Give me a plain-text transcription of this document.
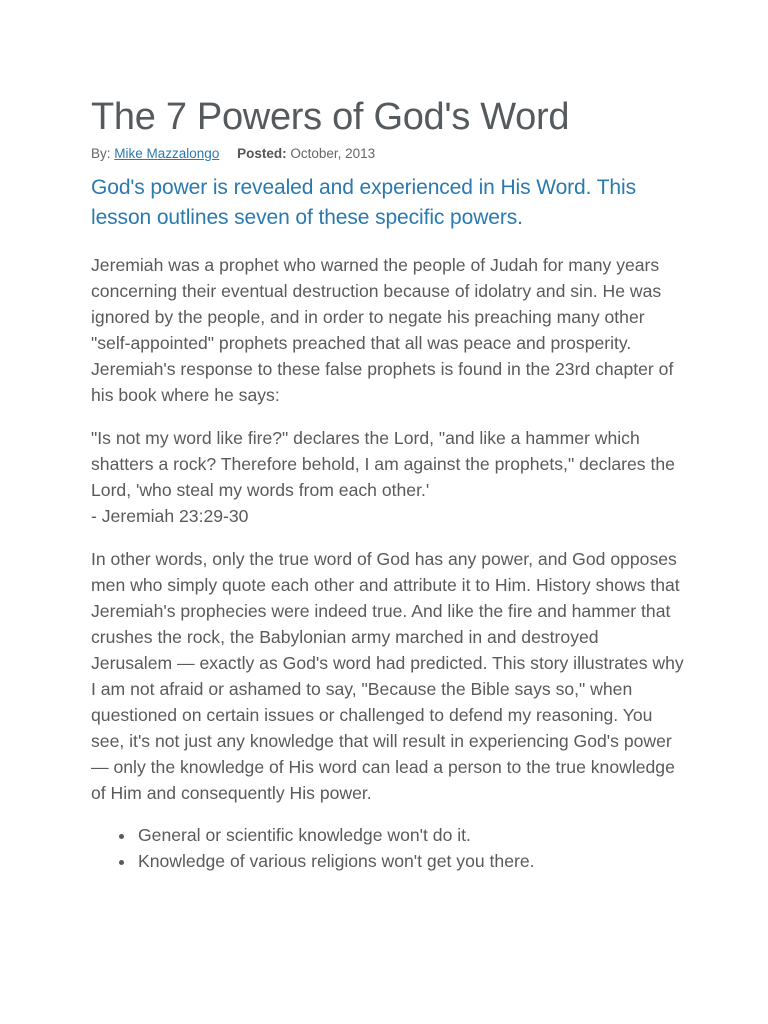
The 7 Powers of God's Word
By: Mike Mazzalongo Posted: October, 2013

God's power is revealed and experienced in His Word. This lesson outlines seven of these specific powers.

Jeremiah was a prophet who warned the people of Judah for many years concerning their eventual destruction because of idolatry and sin. He was ignored by the people, and in order to negate his preaching many other "self-appointed" prophets preached that all was peace and prosperity. Jeremiah's response to these false prophets is found in the 23rd chapter of his book where he says:

"Is not my word like fire?" declares the Lord, "and like a hammer which shatters a rock? Therefore behold, I am against the prophets," declares the Lord, 'who steal my words from each other.'
- Jeremiah 23:29-30

In other words, only the true word of God has any power, and God opposes men who simply quote each other and attribute it to Him. History shows that Jeremiah's prophecies were indeed true. And like the fire and hammer that crushes the rock, the Babylonian army marched in and destroyed Jerusalem — exactly as God's word had predicted. This story illustrates why I am not afraid or ashamed to say, "Because the Bible says so," when questioned on certain issues or challenged to defend my reasoning. You see, it's not just any knowledge that will result in experiencing God's power — only the knowledge of His word can lead a person to the true knowledge of Him and consequently His power.

• General or scientific knowledge won't do it.
• Knowledge of various religions won't get you there.
